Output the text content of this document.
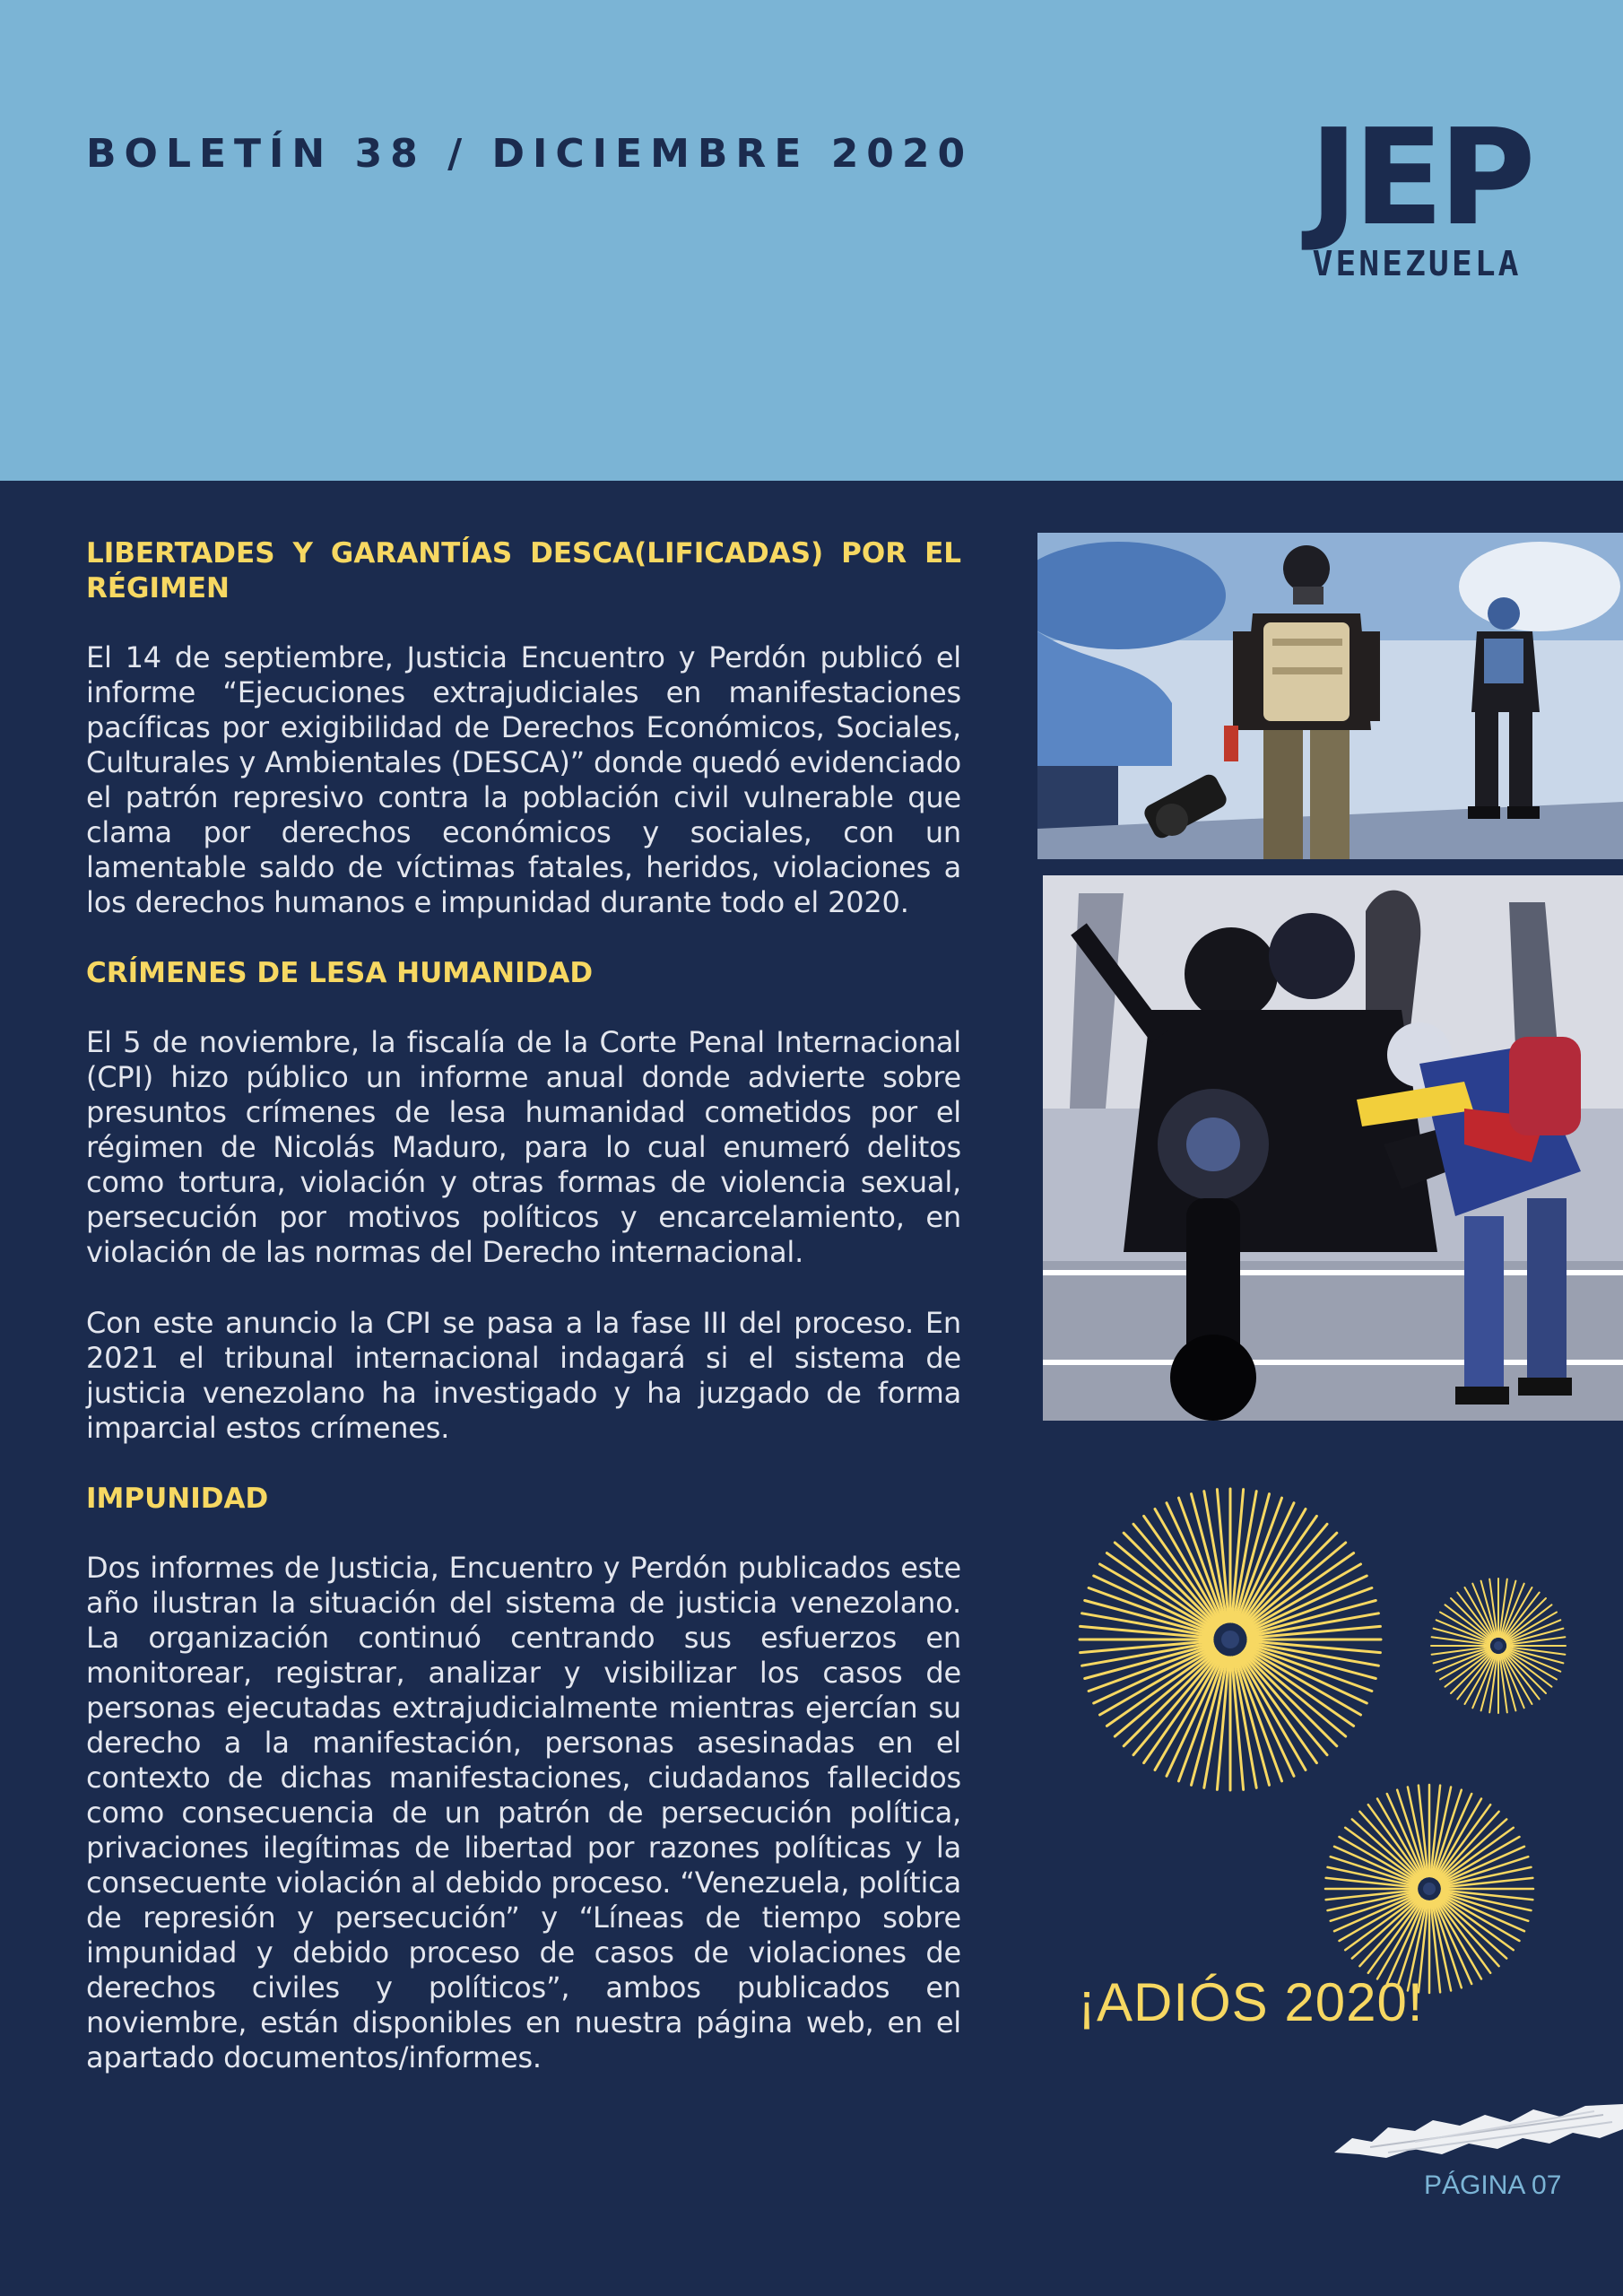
BOLETÍN 38 / DICIEMBRE 2020	JEP
VENEZUELA
LIBERTADES Y GARANTÍAS DESCA(LIFICADAS) POR EL RÉGIMEN

El 14 de septiembre, Justicia Encuentro y Perdón publicó el informe “Ejecuciones extrajudiciales en manifestaciones pacíficas por exigibilidad de Derechos Económicos, Sociales, Culturales y Ambientales (DESCA)” donde quedó evidenciado el patrón represivo contra la población civil vulnerable que clama por derechos económicos y sociales, con un lamentable saldo de víctimas fatales, heridos, violaciones a los derechos humanos e impunidad durante todo el 2020.

CRÍMENES DE LESA HUMANIDAD

El 5 de noviembre, la fiscalía de la Corte Penal Internacional (CPI) hizo público un informe anual donde advierte sobre presuntos crímenes de lesa humanidad cometidos por el régimen de Nicolás Maduro, para lo cual enumeró delitos como tortura, violación y otras formas de violencia sexual, persecución por motivos políticos y encarcelamiento, en violación de las normas del Derecho internacional.

Con este anuncio la CPI se pasa a la fase III del proceso. En 2021 el tribunal internacional indagará si el sistema de justicia venezolano ha investigado y ha juzgado de forma imparcial estos crímenes.

IMPUNIDAD

Dos informes de Justicia, Encuentro y Perdón publicados este año ilustran la situación del sistema de justicia venezolano. La organización continuó centrando sus esfuerzos en monitorear, registrar, analizar y visibilizar los casos de personas ejecutadas extrajudicialmente mientras ejercían su derecho a la manifestación, personas asesinadas en el contexto de dichas manifestaciones, ciudadanos fallecidos como consecuencia de un patrón de persecución política, privaciones ilegítimas de libertad por razones políticas y la consecuente violación al debido proceso. “Venezuela, política de represión y persecución” y “Líneas de tiempo sobre impunidad y debido proceso de casos de violaciones de derechos civiles y políticos”, ambos publicados en noviembre, están disponibles en nuestra página web, en el apartado documentos/informes.

¡ADIÓS 2020!
PÁGINA 07
